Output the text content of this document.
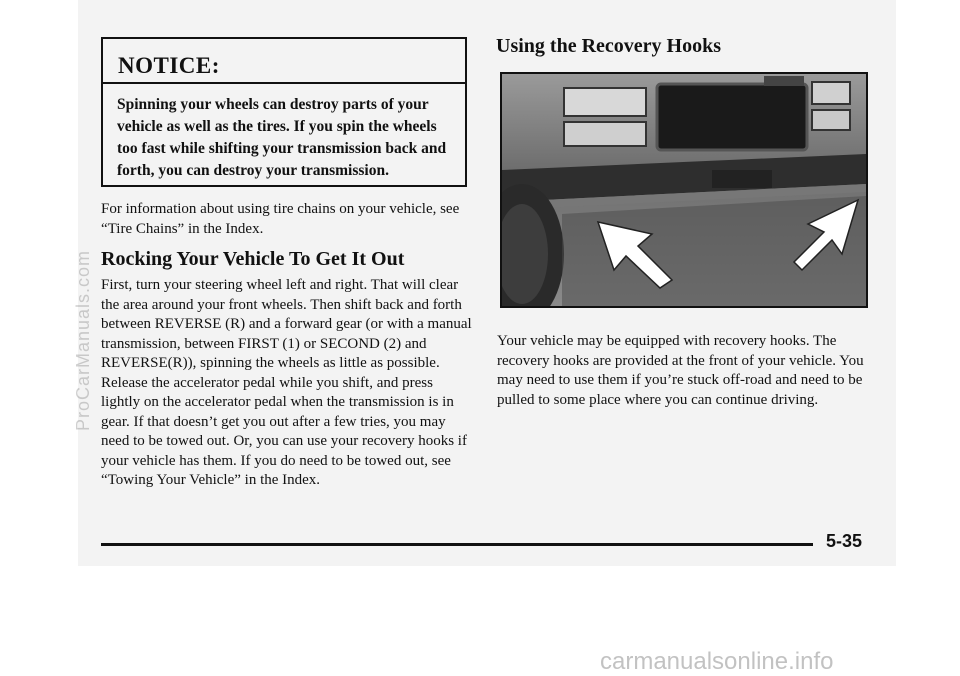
NOTICE:
Spinning your wheels can destroy parts of your vehicle as well as the tires. If you spin the wheels too fast while shifting your transmission back and forth, you can destroy your transmission.
For information about using tire chains on your vehicle, see “Tire Chains” in the Index.
Rocking Your Vehicle To Get It Out
First, turn your steering wheel left and right. That will clear the area around your front wheels. Then shift back and forth between REVERSE (R) and a forward gear (or with a manual transmission, between FIRST (1) or SECOND (2) and REVERSE(R)), spinning the wheels as little as possible. Release the accelerator pedal while you shift, and press lightly on the accelerator pedal when the transmission is in gear. If that doesn’t get you out after a few tries, you may need to be towed out. Or, you can use your recovery hooks if your vehicle has them. If you do need to be towed out, see “Towing Your Vehicle” in the Index.
Using the Recovery Hooks
Your vehicle may be equipped with recovery hooks. The recovery hooks are provided at the front of your vehicle. You may need to use them if you’re stuck off-road and need to be pulled to some place where you can continue driving.
5-35
ProCarManuals.com
carmanualsonline.info
